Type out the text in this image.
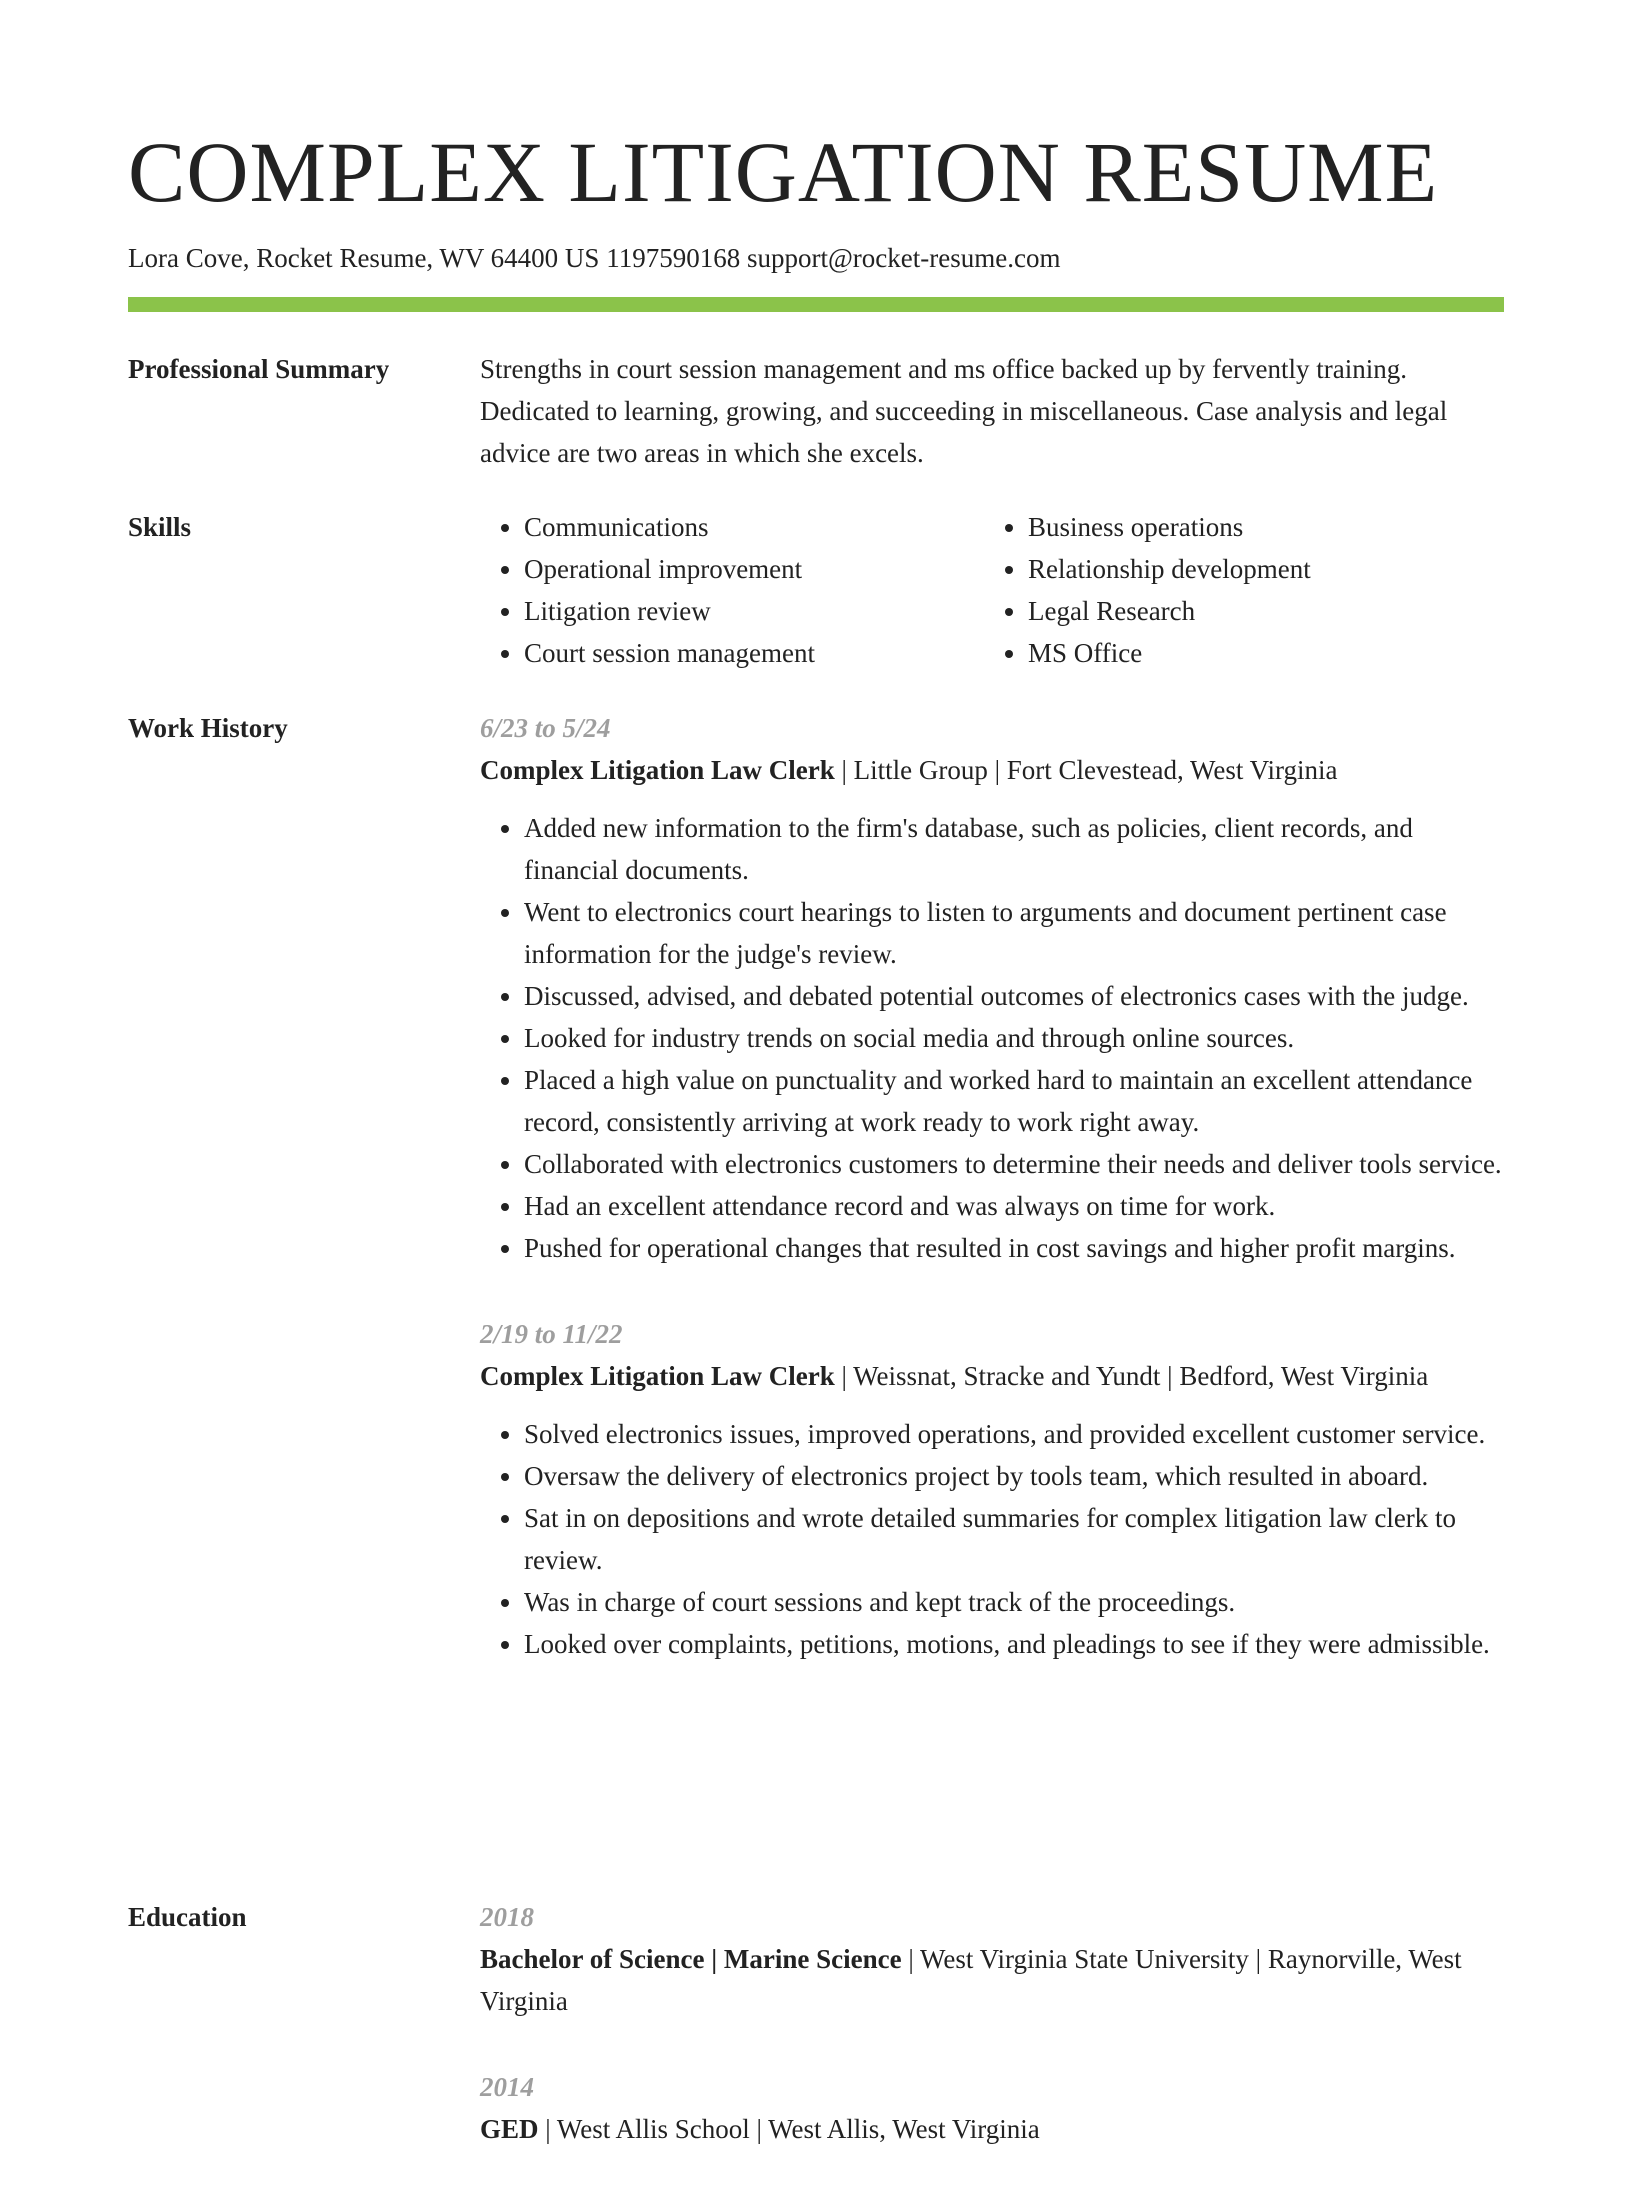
COMPLEX LITIGATION RESUME
Lora Cove, Rocket Resume, WV 64400 US 1197590168 support@rocket-resume.com
Professional Summary	Strengths in court session management and ms office backed up by fervently training. Dedicated to learning, growing, and succeeding in miscellaneous. Case analysis and legal advice are two areas in which she excels.

Skills
•	Communications
• Operational improvement
• Litigation review
• Court session management
• Business operations
• Relationship development
• Legal Research
• MS Office
Work History	6/23 to 5/24
Complex Litigation Law Clerk | Little Group | Fort Clevestead, West Virginia
• Added new information to the firm's database, such as policies, client records, and financial documents.
• Went to electronics court hearings to listen to arguments and document pertinent case information for the judge's review.
• Discussed, advised, and debated potential outcomes of electronics cases with the judge.
• Looked for industry trends on social media and through online sources.
• Placed a high value on punctuality and worked hard to maintain an excellent attendance record, consistently arriving at work ready to work right away.
• Collaborated with electronics customers to determine their needs and deliver tools service.
• Had an excellent attendance record and was always on time for work.
• Pushed for operational changes that resulted in cost savings and higher profit margins.
2/19 to 11/22
Complex Litigation Law Clerk | Weissnat, Stracke and Yundt | Bedford, West Virginia
• Solved electronics issues, improved operations, and provided excellent customer service.
• Oversaw the delivery of electronics project by tools team, which resulted in aboard.
• Sat in on depositions and wrote detailed summaries for complex litigation law clerk to review.
• Was in charge of court sessions and kept track of the proceedings.
• Looked over complaints, petitions, motions, and pleadings to see if they were admissible.
Education	2018
Bachelor of Science | Marine Science | West Virginia State University | Raynorville, West Virginia
2014
GED | West Allis School | West Allis, West Virginia
